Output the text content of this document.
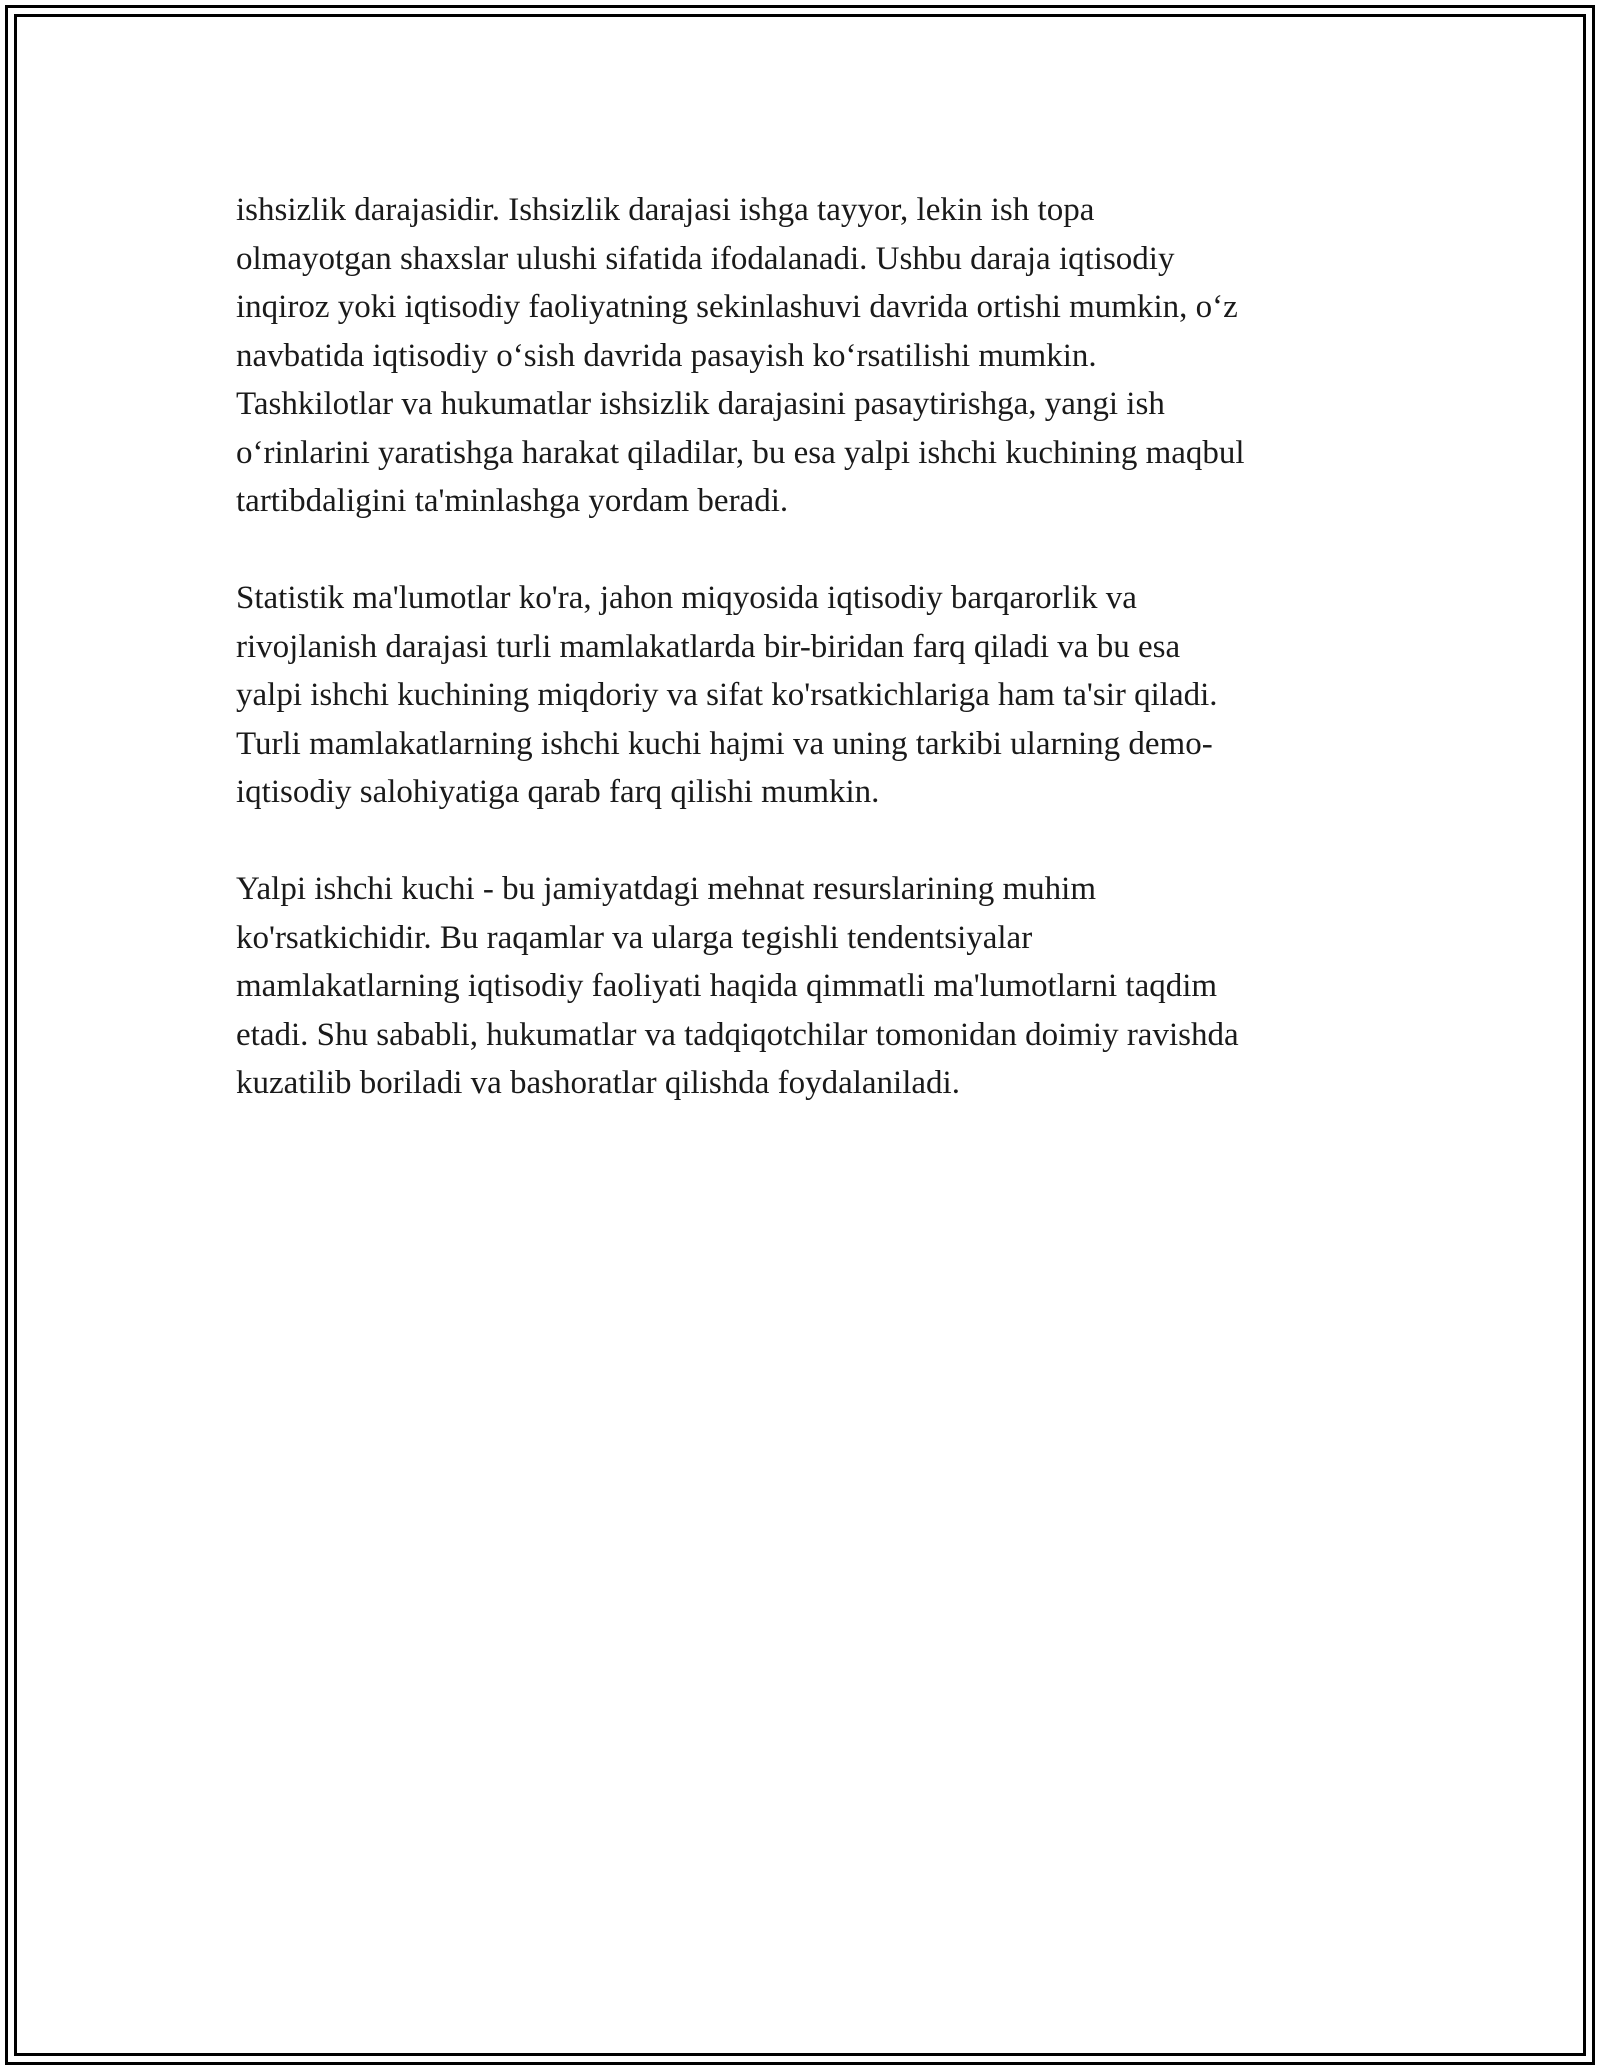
ishsizlik darajasidir. Ishsizlik darajasi ishga tayyor, lekin ish topa
olmayotgan shaxslar ulushi sifatida ifodalanadi. Ushbu daraja iqtisodiy
inqiroz yoki iqtisodiy faoliyatning sekinlashuvi davrida ortishi mumkin, o‘z
navbatida iqtisodiy o‘sish davrida pasayish ko‘rsatilishi mumkin.
Tashkilotlar va hukumatlar ishsizlik darajasini pasaytirishga, yangi ish
o‘rinlarini yaratishga harakat qiladilar, bu esa yalpi ishchi kuchining maqbul
tartibdaligini ta'minlashga yordam beradi.

Statistik ma'lumotlar ko'ra, jahon miqyosida iqtisodiy barqarorlik va
rivojlanish darajasi turli mamlakatlarda bir-biridan farq qiladi va bu esa
yalpi ishchi kuchining miqdoriy va sifat ko'rsatkichlariga ham ta'sir qiladi.
Turli mamlakatlarning ishchi kuchi hajmi va uning tarkibi ularning demo-
iqtisodiy salohiyatiga qarab farq qilishi mumkin.

Yalpi ishchi kuchi - bu jamiyatdagi mehnat resurslarining muhim
ko'rsatkichidir. Bu raqamlar va ularga tegishli tendentsiyalar
mamlakatlarning iqtisodiy faoliyati haqida qimmatli ma'lumotlarni taqdim
etadi. Shu sababli, hukumatlar va tadqiqotchilar tomonidan doimiy ravishda
kuzatilib boriladi va bashoratlar qilishda foydalaniladi.
